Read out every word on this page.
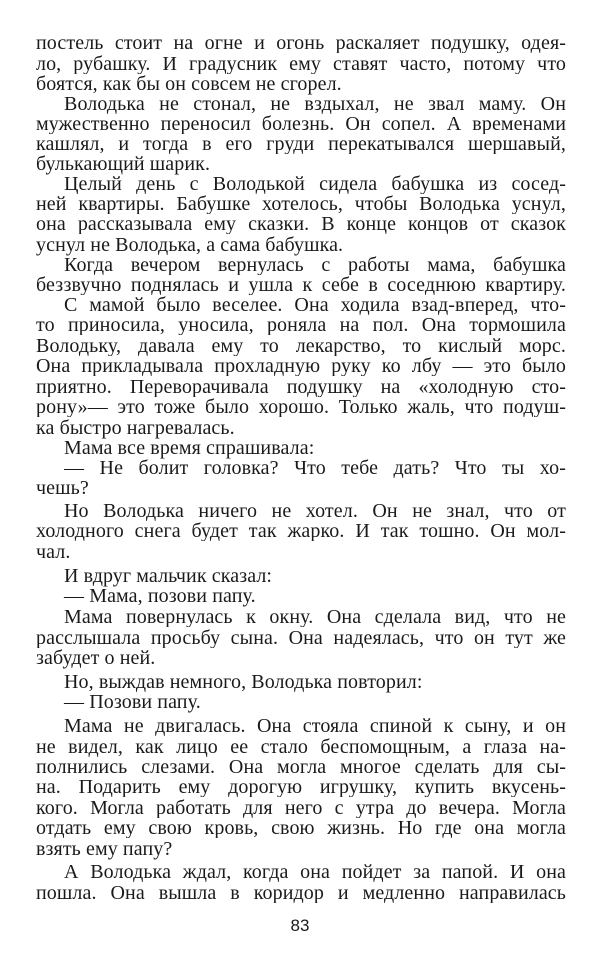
постель стоит на огне и огонь раскаляет подушку, одея-
ло, рубашку. И градусник ему ставят часто, потому что
боятся, как бы он совсем не сгорел.
Володька не стонал, не вздыхал, не звал маму. Он
мужественно переносил болезнь. Он сопел. А временами
кашлял, и тогда в его груди перекатывался шершавый,
булькающий шарик.
Целый день с Володькой сидела бабушка из сосед-
ней квартиры. Бабушке хотелось, чтобы Володька уснул,
она рассказывала ему сказки. В конце концов от сказок
уснул не Володька, а сама бабушка.
Когда вечером вернулась с работы мама, бабушка
беззвучно поднялась и ушла к себе в соседнюю квартиру.
С мамой было веселее. Она ходила взад-вперед, что-
то приносила, уносила, роняла на пол. Она тормошила
Володьку, давала ему то лекарство, то кислый морс.
Она прикладывала прохладную руку ко лбу — это было
приятно. Переворачивала подушку на «холодную сто-
рону»— это тоже было хорошо. Только жаль, что подуш-
ка быстро нагревалась.
Мама все время спрашивала:
— Не болит головка? Что тебе дать? Что ты хо-
чешь?
Но Володька ничего не хотел. Он не знал, что от
холодного снега будет так жарко. И так тошно. Он мол-
чал.
И вдруг мальчик сказал:
— Мама, позови папу.
Мама повернулась к окну. Она сделала вид, что не
расслышала просьбу сына. Она надеялась, что он тут же
забудет о ней.
Но, выждав немного, Володька повторил:
— Позови папу.
Мама не двигалась. Она стояла спиной к сыну, и он
не видел, как лицо ее стало беспомощным, а глаза на-
полнились слезами. Она могла многое сделать для сы-
на. Подарить ему дорогую игрушку, купить вкусень-
кого. Могла работать для него с утра до вечера. Могла
отдать ему свою кровь, свою жизнь. Но где она могла
взять ему папу?
А Володька ждал, когда она пойдет за папой. И она
пошла. Она вышла в коридор и медленно направилась
83
